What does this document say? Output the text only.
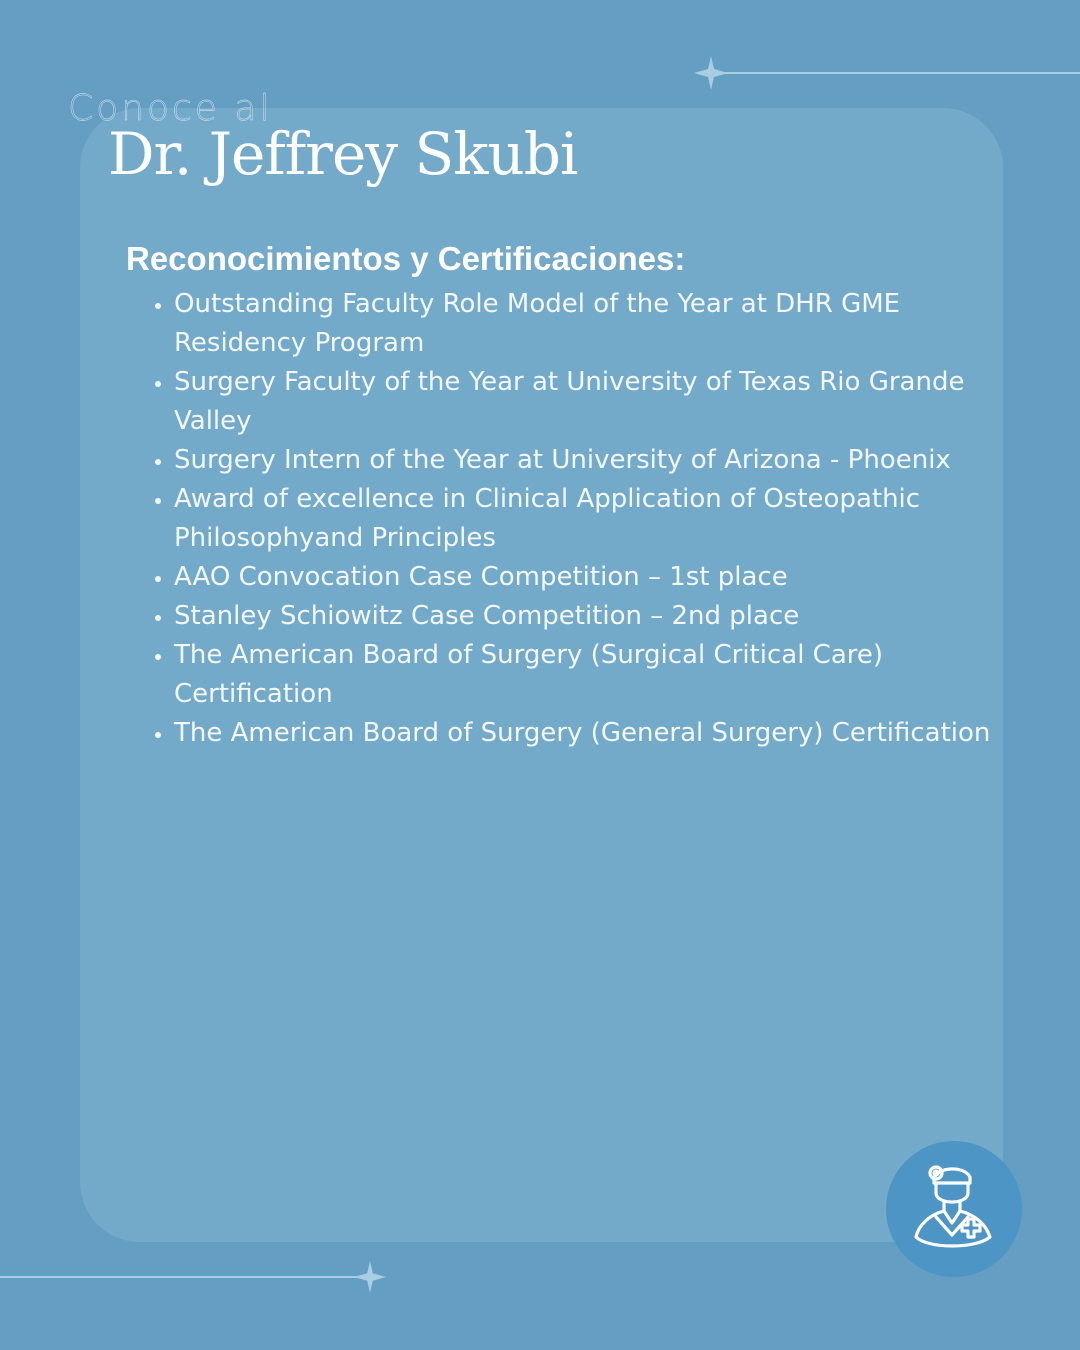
Conoce al

Dr. Jeffrey Skubi
Reconocimientos y Certificaciones:
• Outstanding Faculty Role Model of the Year at DHR GME Residency Program
• Surgery Faculty of the Year at University of Texas Rio Grande Valley
• Surgery Intern of the Year at University of Arizona - Phoenix
• Award of excellence in Clinical Application of Osteopathic Philosophyand Principles
• AAO Convocation Case Competition – 1st place
• Stanley Schiowitz Case Competition – 2nd place
• The American Board of Surgery (Surgical Critical Care) Certification
• The American Board of Surgery (General Surgery) Certification
